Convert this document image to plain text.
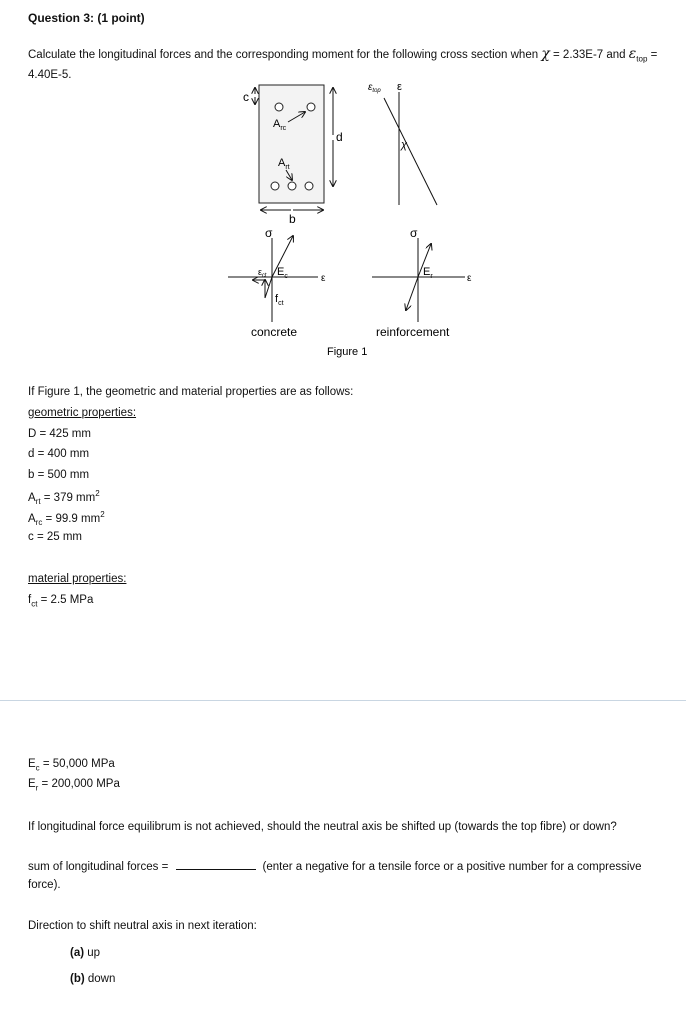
Question 3: (1 point)
Calculate the longitudinal forces and the corresponding moment for the following cross section when χ = 2.33E-7 and $\varepsilon_{top} = 4.40E-5$.
c
$A_{rc}$
$A_{rt}$
d
b
$\varepsilon_{top}$ ε
χ
σ
$\varepsilon_{ct}$ $E_c$	ε
$f_{ct}$
σ
$E_r$	ε
concrete	reinforcement
Figure 1
If Figure 1, the geometric and material properties are as follows:
geometric properties:
D = 425 mm
d = 400 mm
b = 500 mm
$A_{rt} = 379$ $mm^2$
$A_{rc} = 99.9$ $mm^2$
c = 25 mm
material properties:
$f_{ct} = 2.5$ MPa
$E_c = 50,000$ MPa
$E_r = 200,000$ MPa
If longitudinal force equilibrum is not achieved, should the neutral axis be shifted up (towards the top fibre) or down?
sum of longitudinal forces =	(enter a negative for a tensile force or a positive number for a compressive
force).
Direction to shift neutral axis in next iteration:
(a) up
(b) down
